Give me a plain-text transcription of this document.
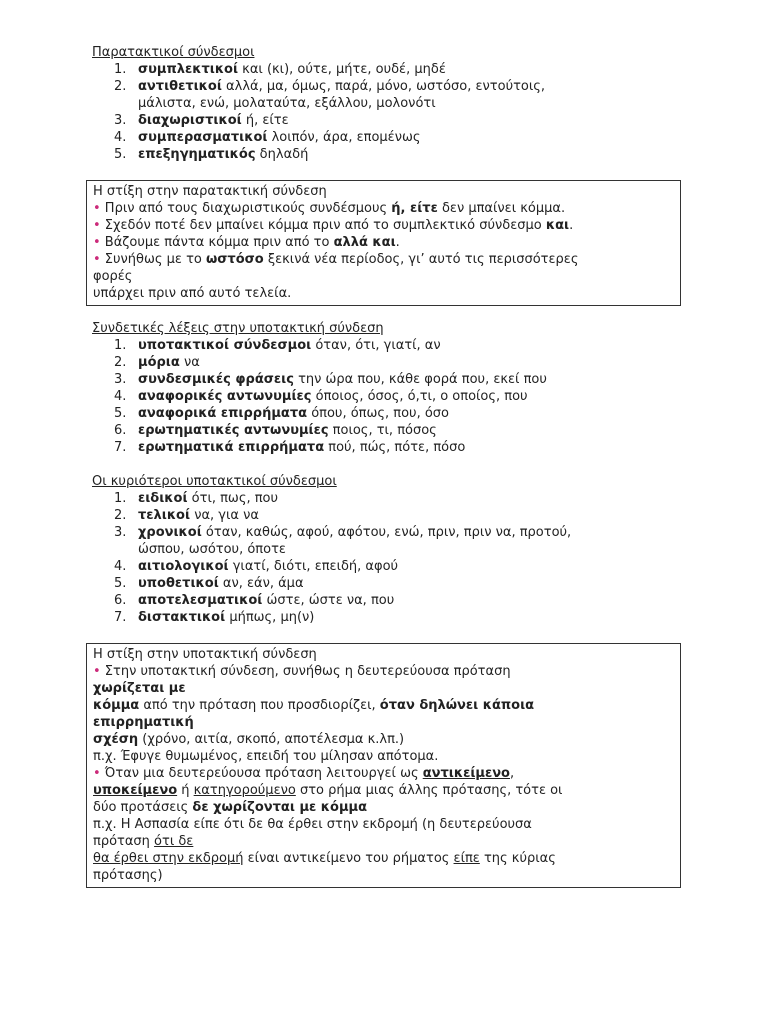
Παρατακτικοί σύνδεσμοι
1. συμπλεκτικοί και (κι), ούτε, μήτε, ουδέ, μηδέ
2. αντιθετικοί αλλά, μα, όμως, παρά, μόνο, ωστόσο, εντούτοις,
μάλιστα, ενώ, μολαταύτα, εξάλλου, μολονότι
3. διαχωριστικοί ή, είτε
4. συμπερασματικοί λοιπόν, άρα, επομένως
5. επεξηγηματικός δηλαδή
Η στίξη στην παρατακτική σύνδεση
• Πριν από τους διαχωριστικούς συνδέσμους ή, είτε δεν μπαίνει κόμμα.
• Σχεδόν ποτέ δεν μπαίνει κόμμα πριν από το συμπλεκτικό σύνδεσμο και.
• Βάζουμε πάντα κόμμα πριν από το αλλά και.
• Συνήθως με το ωστόσο ξεκινά νέα περίοδος, γι’ αυτό τις περισσότερες
φορές
υπάρχει πριν από αυτό τελεία.
Συνδετικές λέξεις στην υποτακτική σύνδεση
1. υποτακτικοί σύνδεσμοι όταν, ότι, γιατί, αν
2. μόρια να
3. συνδεσμικές φράσεις την ώρα που, κάθε φορά που, εκεί που
4. αναφορικές αντωνυμίες όποιος, όσος, ό,τι, ο οποίος, που
5. αναφορικά επιρρήματα όπου, όπως, που, όσο
6. ερωτηματικές αντωνυμίες ποιος, τι, πόσος
7. ερωτηματικά επιρρήματα πού, πώς, πότε, πόσο
Οι κυριότεροι υποτακτικοί σύνδεσμοι
1. ειδικοί ότι, πως, που
2. τελικοί να, για να
3. χρονικοί όταν, καθώς, αφού, αφότου, ενώ, πριν, πριν να, προτού,
ώσπου, ωσότου, όποτε
4. αιτιολογικοί γιατί, διότι, επειδή, αφού
5. υποθετικοί αν, εάν, άμα
6. αποτελεσματικοί ώστε, ώστε να, που
7. διστακτικοί μήπως, μη(ν)
Η στίξη στην υποτακτική σύνδεση
• Στην υποτακτική σύνδεση, συνήθως η δευτερεύουσα πρόταση
χωρίζεται με
κόμμα από την πρόταση που προσδιορίζει, όταν δηλώνει κάποια
επιρρηματική
σχέση (χρόνο, αιτία, σκοπό, αποτέλεσμα κ.λπ.)
π.χ. Έφυγε θυμωμένος, επειδή του μίλησαν απότομα.
• Όταν μια δευτερεύουσα πρόταση λειτουργεί ως αντικείμενο,
υποκείμενο ή κατηγορούμενο στο ρήμα μιας άλλης πρότασης, τότε οι
δύο προτάσεις δε χωρίζονται με κόμμα
π.χ. Η Ασπασία είπε ότι δε θα έρθει στην εκδρομή (η δευτερεύουσα
πρόταση ότι δε
θα έρθει στην εκδρομή είναι αντικείμενο του ρήματος είπε της κύριας
πρότασης)
